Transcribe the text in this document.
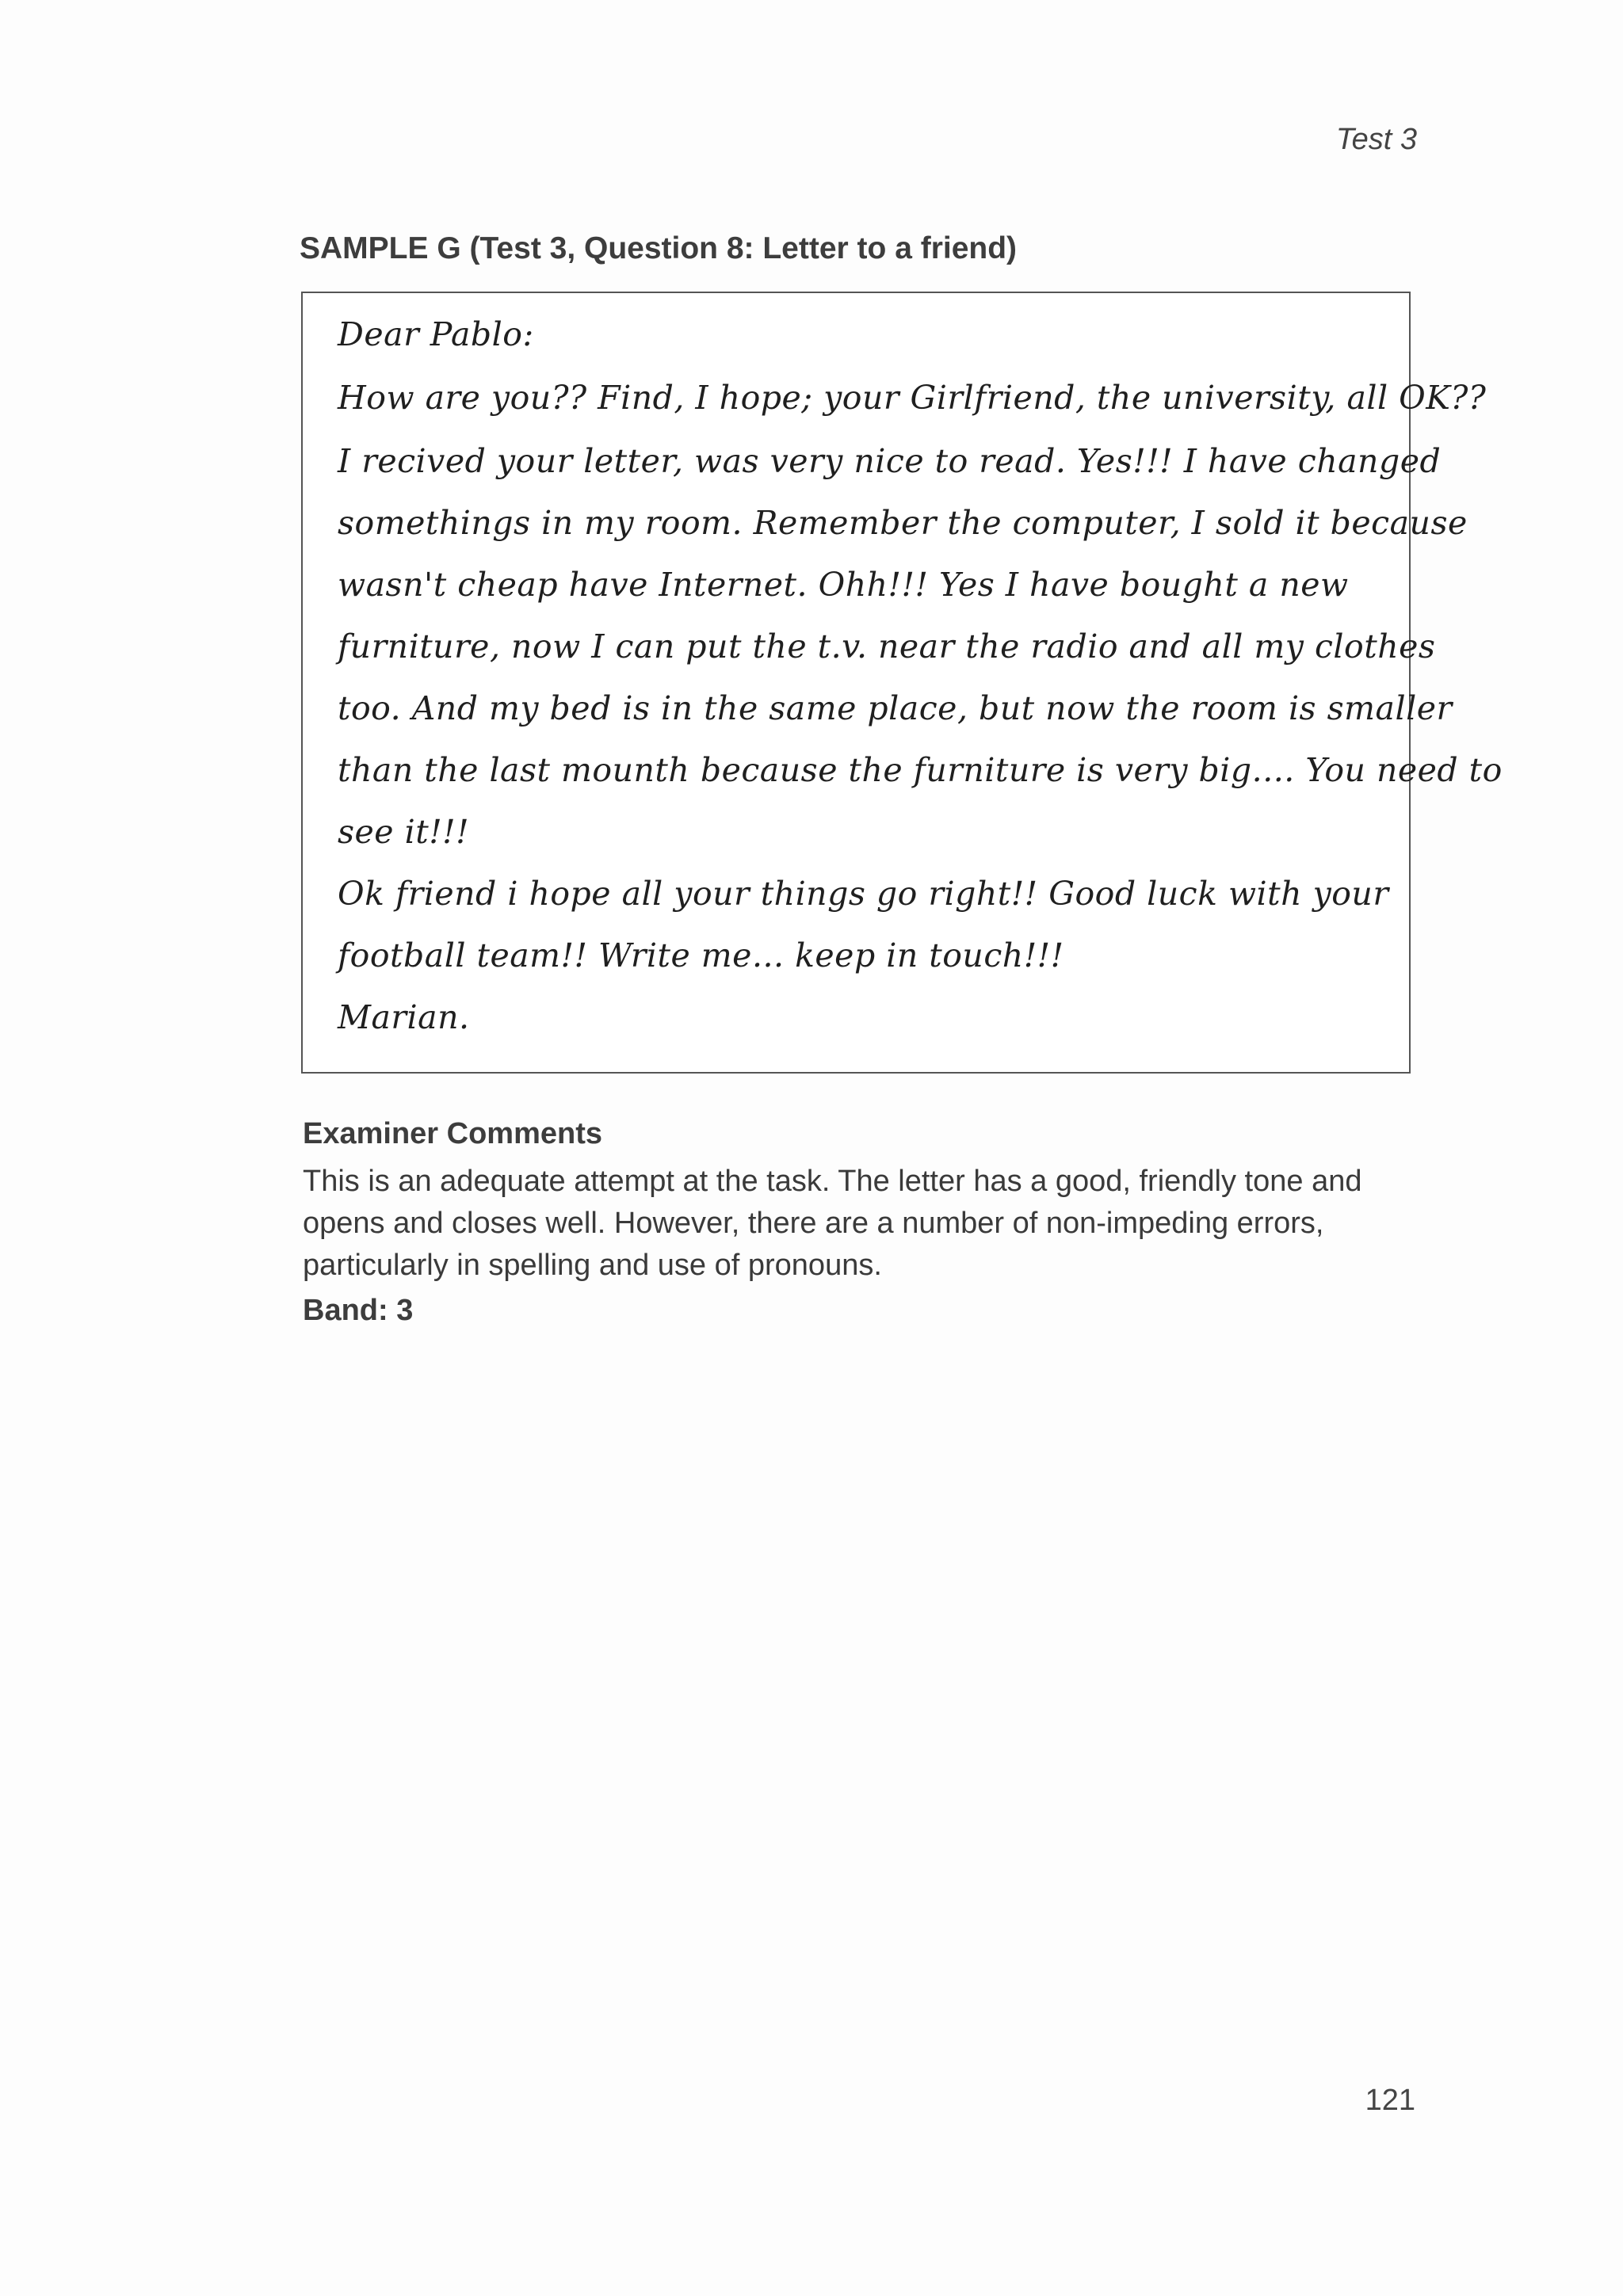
Test 3
SAMPLE G (Test 3, Question 8: Letter to a friend)
Dear Pablo:
How are you?? Find, I hope; your Girlfriend, the university, all OK??
I recived your letter, was very nice to read. Yes!!! I have changed
somethings in my room. Remember the computer, I sold it because
wasn't cheap have Internet. Ohh!!! Yes I have bought a new
furniture, now I can put the t.v. near the radio and all my clothes
too. And my bed is in the same place, but now the room is smaller
than the last mounth because the furniture is very big.... You need to
see it!!!
Ok friend i hope all your things go right!! Good luck with your
football team!! Write me... keep in touch!!!
Marian.
Examiner Comments
This is an adequate attempt at the task. The letter has a good, friendly tone and
opens and closes well. However, there are a number of non-impeding errors,
particularly in spelling and use of pronouns.
Band: 3
121
